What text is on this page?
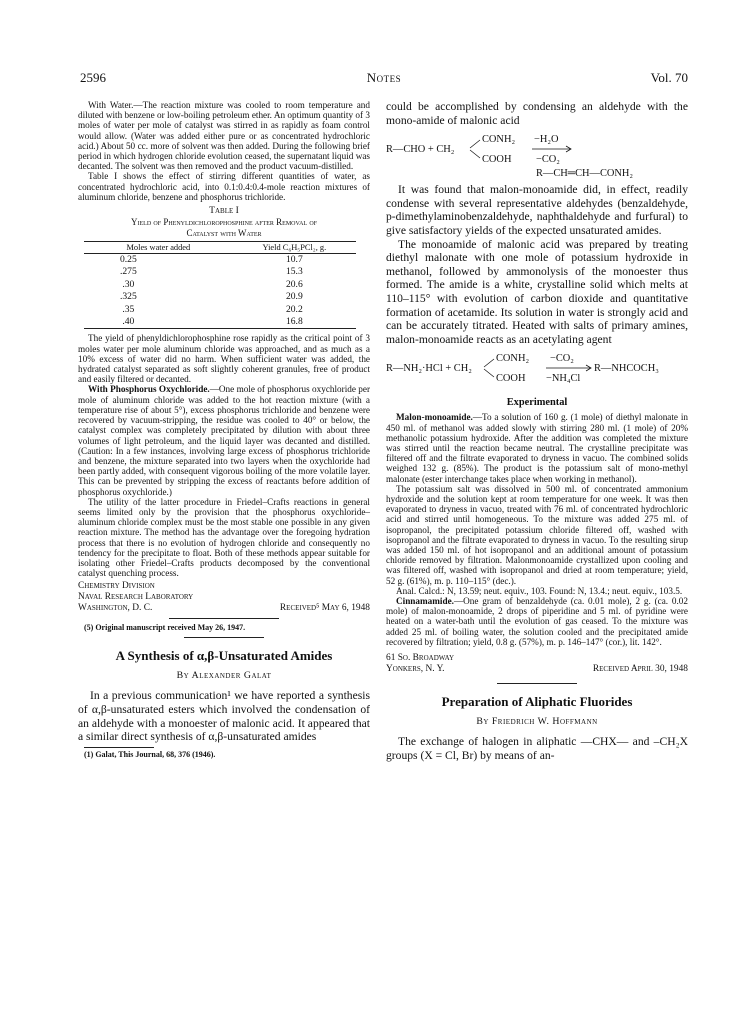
2596	Notes	Vol. 70

With Water.—The reaction mixture was cooled to room temperature and diluted with benzene or low-boiling petroleum ether. An optimum quantity of 3 moles of water per mole of catalyst was stirred in as rapidly as foam control would allow. (Water was added either pure or as concentrated hydrochloric acid.) About 50 cc. more of solvent was then added. During the following brief period in which hydrogen chloride evolution ceased, the supernatant liquid was decanted. The solvent was then removed and the product vacuum-distilled.

Table I shows the effect of stirring different quantities of water, as concentrated hydrochloric acid, into 0.1:0.4:0.4-mole reaction mixtures of aluminum chloride, benzene and phosphorus trichloride.

Table I

Yield of Phenyldichlorophosphine after Removal of

Catalyst with Water

Moles water added	Yield C₆H₅PCl₂, g.
0.25	10.7
.275	15.3
.30	20.6
.325	20.9
.35	20.2
.40	16.8

The yield of phenyldichlorophosphine rose rapidly as the critical point of 3 moles water per mole aluminum chloride was approached, and as much as a 10% excess of water did no harm. When sufficient water was added, the hydrated catalyst separated as soft slightly coherent granules, free of product and easily filtered or decanted.

With Phosphorus Oxychloride.—One mole of phosphorus oxychloride per mole of aluminum chloride was added to the hot reaction mixture (with a temperature rise of about 5°), excess phosphorus trichloride and benzene were recovered by vacuum-stripping, the residue was cooled to 40° or below, the catalyst complex was completely precipitated by dilution with about three volumes of light petroleum, and the liquid layer was decanted and distilled. (Caution: In a few instances, involving large excess of phosphorus trichloride and benzene, the mixture separated into two layers when the oxychloride had been partly added, with consequent vigorous boiling of the more volatile layer. This can be prevented by stripping the excess of reactants before addition of phosphorus oxychloride.)

The utility of the latter procedure in Friedel–Crafts reactions in general seems limited only by the provision that the phosphorus oxychloride–aluminum chloride complex must be the most stable one possible in any given reaction mixture. The method has the advantage over the foregoing hydration process that there is no evolution of hydrogen chloride and consequently no tendency for the precipitate to float. Both of these methods appear suitable for isolating other Friedel–Crafts products decomposed by the conventional catalyst quenching process.

Chemistry Division
Naval Research Laboratory
Washington, D. C.	Received⁵ May 6, 1948

(5) Original manuscript received May 26, 1947.

A Synthesis of α,β-Unsaturated Amides
By Alexander Galat

In a previous communication¹ we have reported a synthesis of α,β-unsaturated esters which involved the condensation of an aldehyde with a monoester of malonic acid. It appeared that a similar direct synthesis of α,β-unsaturated amides

(1) Galat, This Journal, 68, 376 (1946).

could be accomplished by condensing an aldehyde with the mono-amide of malonic acid

R—CHO + CH₂
CONH₂
COOH
−H₂O
−CO₂
R—CH═CH—CONH₂

It was found that malon-monoamide did, in effect, readily condense with several representative aldehydes (benzaldehyde, p-dimethylaminobenzaldehyde, naphthaldehyde and furfural) to give satisfactory yields of the expected unsaturated amides.

The monoamide of malonic acid was prepared by treating diethyl malonate with one mole of potassium hydroxide in methanol, followed by ammonolysis of the monoester thus formed. The amide is a white, crystalline solid which melts at 110–115° with evolution of carbon dioxide and quantitative formation of acetamide. Its solution in water is strongly acid and can be accurately titrated. Heated with salts of primary amines, malon-monoamide reacts as an acetylating agent

R—NH₂·HCl + CH₂
CONH₂
COOH
−CO₂
−NH₄Cl
R—NHCOCH₃
Experimental

Malon-monoamide.—To a solution of 160 g. (1 mole) of diethyl malonate in 450 ml. of methanol was added slowly with stirring 280 ml. (1 mole) of 20% methanolic potassium hydroxide. After the addition was completed the mixture was stirred until the reaction became neutral. The crystalline precipitate was filtered off and the filtrate evaporated to dryness in vacuo. The combined solids weighed 132 g. (85%). The product is the potassium salt of mono-methyl malonate (ester interchange takes place when working in methanol).

The potassium salt was dissolved in 500 ml. of concentrated ammonium hydroxide and the solution kept at room temperature for one week. It was then evaporated to dryness in vacuo, treated with 76 ml. of concentrated hydrochloric acid and stirred until homogeneous. To the mixture was added 275 ml. of isopropanol, the precipitated potassium chloride filtered off, washed with isopropanol and the filtrate evaporated to dryness in vacuo. To the resulting sirup was added 150 ml. of hot isopropanol and an additional amount of potassium chloride removed by filtration. Malonmonoamide crystallized upon cooling and was filtered off, washed with isopropanol and dried at room temperature; yield, 52 g. (61%), m. p. 110–115° (dec.).

Anal. Calcd.: N, 13.59; neut. equiv., 103. Found: N, 13.4.; neut. equiv., 103.5.

Cinnamamide.—One gram of benzaldehyde (ca. 0.01 mole), 2 g. (ca. 0.02 mole) of malon-monoamide, 2 drops of piperidine and 5 ml. of pyridine were heated on a water-bath until the evolution of gas ceased. To the mixture was added 25 ml. of boiling water, the solution cooled and the precipitated amide recovered by filtration; yield, 0.8 g. (57%), m. p. 146–147° (cor.), lit. 142°.

61 So. Broadway
Yonkers, N. Y.	Received April 30, 1948
Preparation of Aliphatic Fluorides
By Friedrich W. Hoffmann

The exchange of halogen in aliphatic —CHX— and –CH₂X groups (X = Cl, Br) by means of an-
